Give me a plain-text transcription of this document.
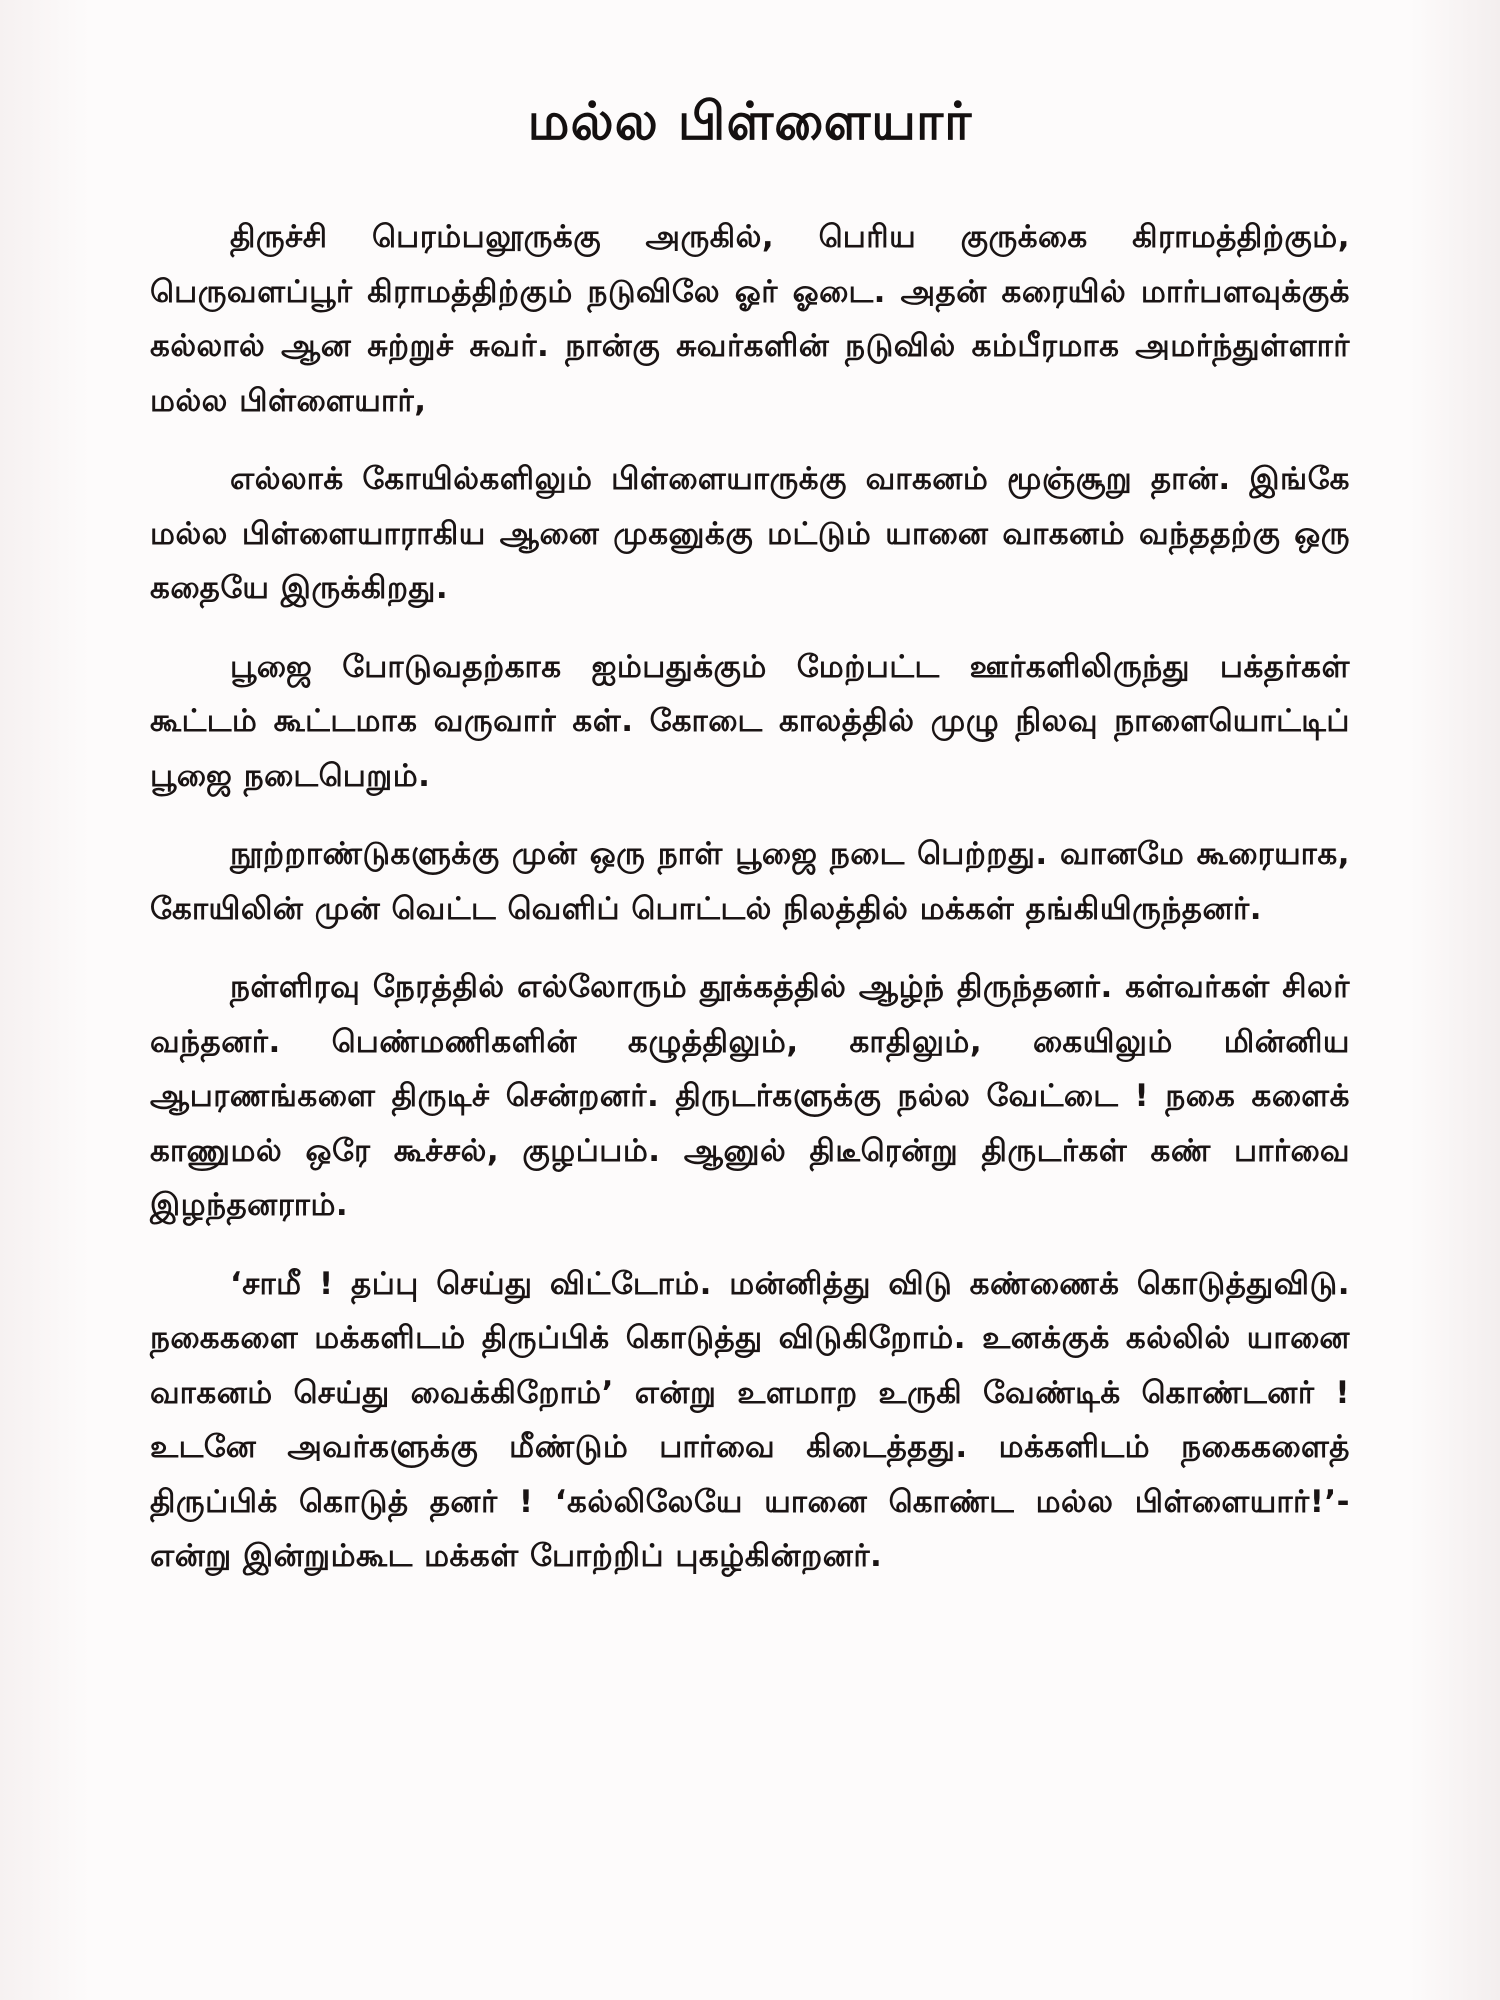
மல்ல பிள்ளையார்

திருச்சி பெரம்பலூருக்கு அருகில், பெரிய குருக்கை கிராமத்திற்கும், பெருவளப்பூர் கிராமத்திற்கும் நடுவிலே ஓர் ஓடை. அதன் கரையில் மார்பளவுக்குக் கல்லால் ஆன சுற்றுச் சுவர். நான்கு சுவர்களின் நடுவில் கம்பீரமாக அமர்ந்துள்ளார் மல்ல பிள்ளையார்,

எல்லாக் கோயில்களிலும் பிள்ளையாருக்கு வாகனம் மூஞ்சூறு தான். இங்கே மல்ல பிள்ளையாராகிய ஆனை முகனுக்கு மட்டும் யானை வாகனம் வந்ததற்கு ஒரு கதையே இருக்கிறது.

பூஜை போடுவதற்காக ஐம்பதுக்கும் மேற்பட்ட ஊர்களிலிருந்து பக்தர்கள் கூட்டம் கூட்டமாக வருவார் கள். கோடை காலத்தில் முழு நிலவு நாளையொட்டிப் பூஜை நடைபெறும்.

நூற்றாண்டுகளுக்கு முன் ஒரு நாள் பூஜை நடை பெற்றது. வானமே கூரையாக, கோயிலின் முன் வெட்ட வெளிப் பொட்டல் நிலத்தில் மக்கள் தங்கியிருந்தனர்.

நள்ளிரவு நேரத்தில் எல்லோரும் தூக்கத்தில் ஆழ்ந் திருந்தனர். கள்வர்கள் சிலர் வந்தனர். பெண்மணிகளின் கழுத்திலும், காதிலும், கையிலும் மின்னிய ஆபரணங்களை திருடிச் சென்றனர். திருடர்களுக்கு நல்ல வேட்டை ! நகை களைக் காணுமல் ஒரே கூச்சல், குழப்பம். ஆனுல் திடீரென்று திருடர்கள் கண் பார்வை இழந்தனராம்.

‘சாமீ ! தப்பு செய்து விட்டோம். மன்னித்து விடு கண்ணைக் கொடுத்துவிடு. நகைகளை மக்களிடம் திருப்பிக் கொடுத்து விடுகிறோம். உனக்குக் கல்லில் யானை வாகனம் செய்து வைக்கிறோம்’ என்று உளமாற உருகி வேண்டிக் கொண்டனர் ! உடனே அவர்களுக்கு மீண்டும் பார்வை கிடைத்தது. மக்களிடம் நகைகளைத் திருப்பிக் கொடுத் தனர் ! ‘கல்லிலேயே யானை கொண்ட மல்ல பிள்ளையார்!’- என்று இன்றும்கூட மக்கள் போற்றிப் புகழ்கின்றனர்.
